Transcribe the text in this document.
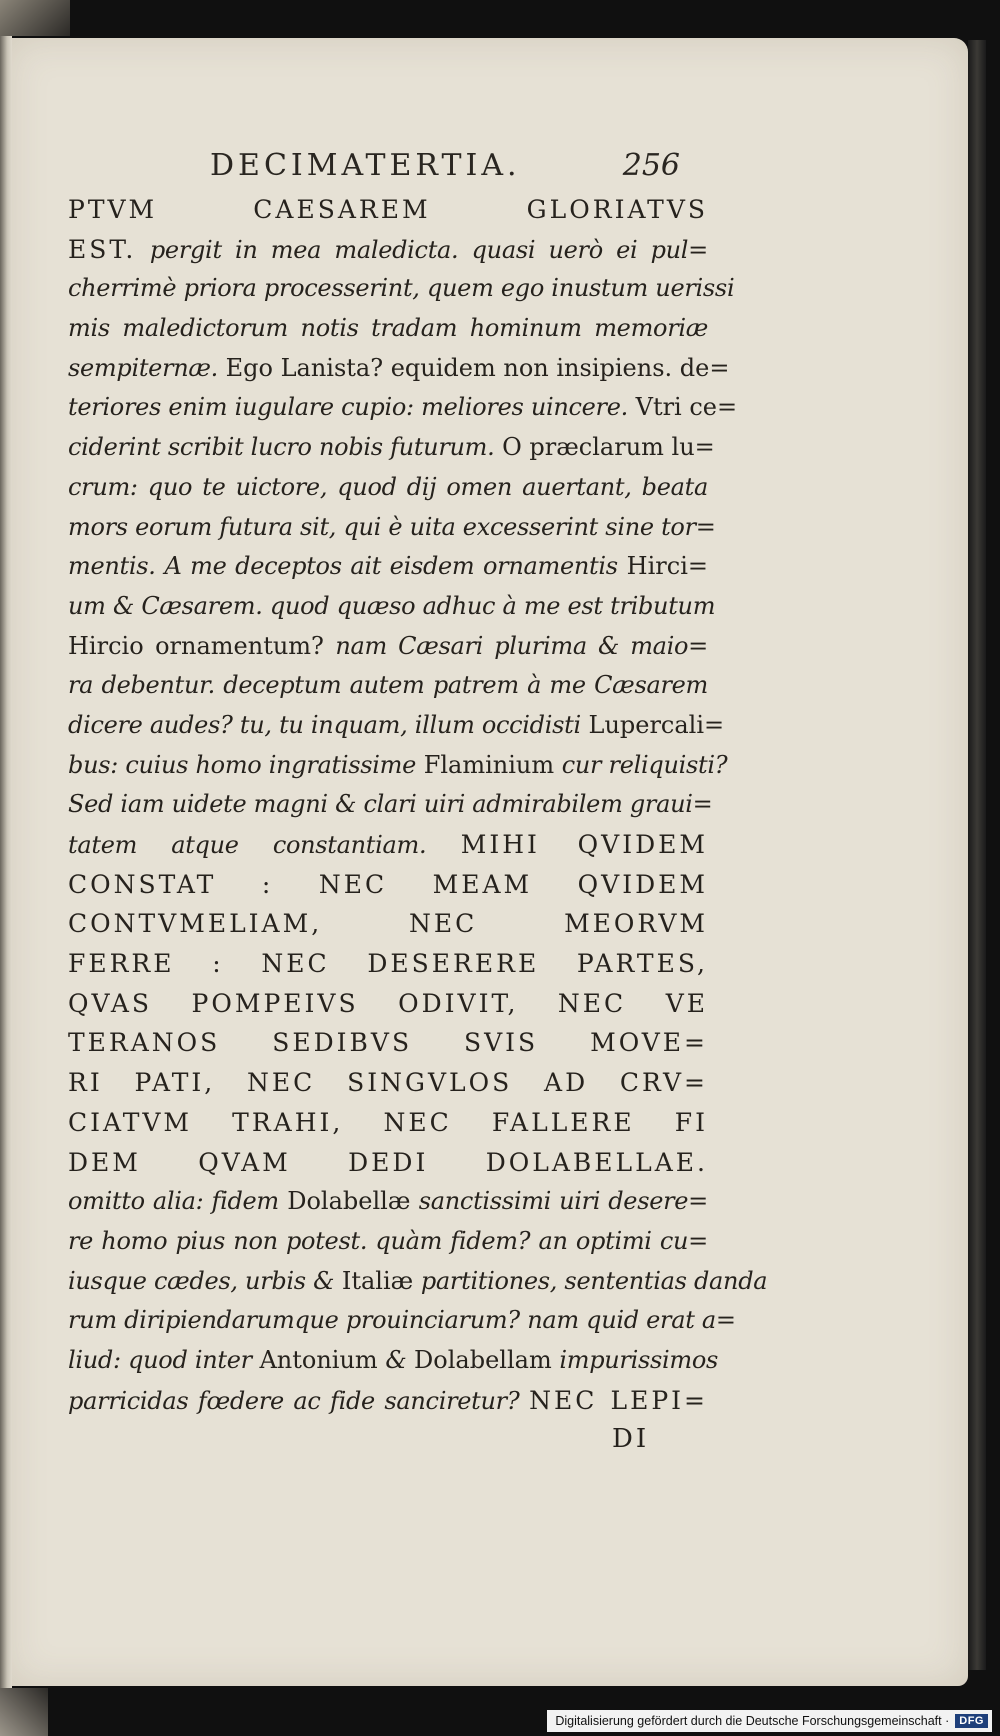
DECIMATERTIA.	256
PTVM CAESAREM GLORIATVS
EST. pergit in mea maledicta. quasi uerò ei pul=
cherrimè priora processerint, quem ego inustum uerissi
mis maledictorum notis tradam hominum memoriæ
sempiternæ. Ego Lanista? equidem non insipiens. de=
teriores enim iugulare cupio: meliores uincere. Vtri ce=
ciderint scribit lucro nobis futurum. O præclarum lu=
crum: quo te uictore, quod dij omen auertant, beata
mors eorum futura sit, qui è uita excesserint sine tor=
mentis. A me deceptos ait eisdem ornamentis Hirci=
um & Cæsarem. quod quæso adhuc à me est tributum
Hircio ornamentum? nam Cæsari plurima & maio=
ra debentur. deceptum autem patrem à me Cæsarem
dicere audes? tu, tu inquam, illum occidisti Lupercali=
bus: cuius homo ingratissime Flaminium cur reliquisti?
Sed iam uidete magni & clari uiri admirabilem graui=
tatem atque constantiam. MIHI QVIDEM
CONSTAT : NEC MEAM QVIDEM
CONTVMELIAM, NEC MEORVM
FERRE : NEC DESERERE PARTES,
QVAS POMPEIVS ODIVIT, NEC VE
TERANOS SEDIBVS SVIS MOVE=
RI PATI, NEC SINGVLOS AD CRV=
CIATVM TRAHI, NEC FALLERE FI
DEM QVAM DEDI DOLABELLAE.
omitto alia: fidem Dolabellæ sanctissimi uiri desere=
re homo pius non potest. quàm fidem? an optimi cu=
iusque cædes, urbis & Italiæ partitiones, sententias danda
rum diripiendarumque prouinciarum? nam quid erat a=
liud: quod inter Antonium & Dolabellam impurissimos
parricidas fœdere ac fide sanciretur? NEC LEPI=
DI
Digitalisierung gefördert durch die Deutsche Forschungsgemeinschaft · DFG
